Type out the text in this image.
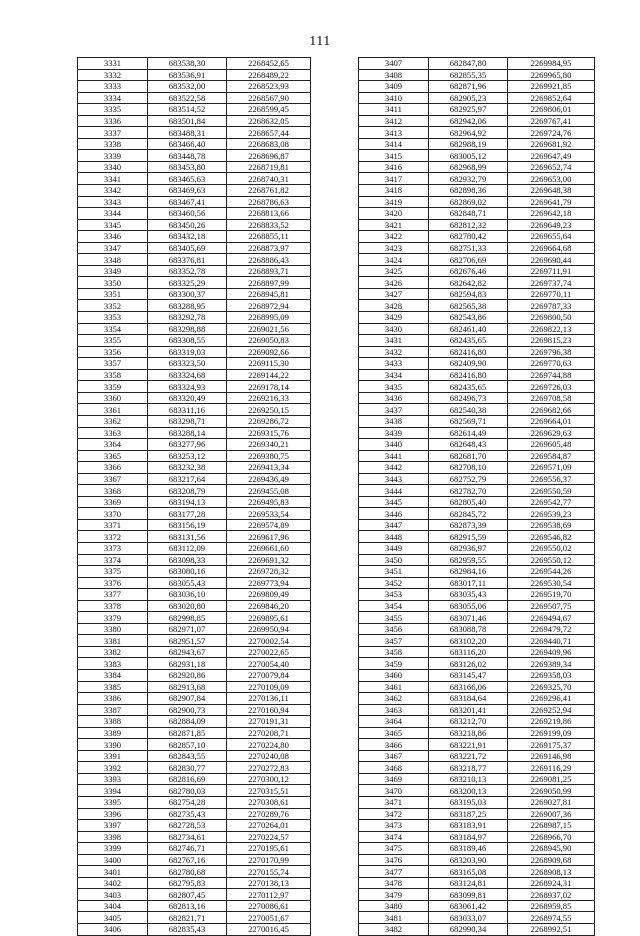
111
3331	683538,30	2268452,65
3332	683536,91	2268489,22
3333	683532,00	2268523,93
3334	683522,58	2268567,90
3335	683514,52	2268599,45
3336	683501,84	2268632,05
3337	683488,31	2268657,44
3338	683466,40	2268683,08
3339	683448,78	2268696,87
3340	683453,80	2268719,81
3341	683465,63	2268740,31
3342	683469,63	2268761,82
3343	683467,41	2268786,63
3344	683460,56	2268813,66
3345	683450,26	2268833,52
3346	683432,18	2268855,11
3347	683405,69	2268873,97
3348	683376,81	2268886,43
3349	683352,78	2268893,71
3350	683325,29	2268897,99
3351	683300,37	2268945,81
3352	683288,95	2268972,94
3353	683292,78	2268995,09
3354	683298,88	2269021,56
3355	683308,55	2269050,83
3356	683319,03	2269092,66
3357	683323,50	2269115,30
3358	683324,68	2269144,22
3359	683324,93	2269178,14
3360	683320,49	2269216,33
3361	683311,16	2269250,15
3362	683298,71	2269286,72
3363	683288,14	2269315,76
3364	683277,96	2269340,21
3365	683253,12	2269380,75
3366	683232,38	2269413,34
3367	683217,64	2269436,49
3368	683208,79	2269455,08
3369	683194,13	2269495,83
3370	683177,28	2269533,54
3371	683156,19	2269574,89
3372	683131,56	2269617,96
3373	683112,09	2269661,60
3374	683098,33	2269691,32
3375	683080,16	2269728,32
3376	683055,43	2269773,94
3377	683036,10	2269809,49
3378	683020,80	2269846,20
3379	682998,85	2269895,61
3380	682971,07	2269950,94
3381	682951,57	2270002,54
3382	682943,67	2270022,65
3383	682931,18	2270054,40
3384	682920,86	2270079,84
3385	682913,68	2270109,09
3386	682907,84	2270136,11
3387	682900,73	2270160,94
3388	682884,09	2270191,31
3389	682871,85	2270208,71
3390	682857,10	2270224,80
3391	682843,55	2270240,08
3392	682830,77	2270272,83
3393	682816,69	2270300,12
3394	682780,03	2270315,51
3395	682754,28	2270308,61
3396	682735,43	2270289,76
3397	682728,53	2270264,01
3398	682734,61	2270224,57
3399	682746,71	2270195,61
3400	682767,16	2270170,99
3401	682780,68	2270155,74
3402	682795,83	2270138,13
3403	682807,45	2270112,97
3404	682813,16	2270086,61
3405	682821,71	2270051,67
3406	682835,43	2270016,45
3407	682847,80	2269984,95
3408	682855,35	2269965,80
3409	682871,96	2269921,85
3410	682905,23	2269852,64
3411	682925,97	2269806,01
3412	682942,06	2269767,41
3413	682964,92	2269724,76
3414	682988,19	2269681,92
3415	683005,12	2269647,49
3416	682968,99	2269652,74
3417	682932,79	2269653,00
3418	682898,36	2269648,38
3419	682869,02	2269641,79
3420	682848,71	2269642,18
3421	682812,32	2269649,23
3422	682780,42	2269655,64
3423	682751,33	2269664,68
3424	682706,69	2269690,44
3425	682676,46	2269711,91
3426	682642,82	2269737,74
3427	682594,83	2269770,11
3428	682565,38	2269787,33
3429	682543,86	2269800,50
3430	682461,40	2269822,13
3431	682435,65	2269815,23
3432	682416,80	2269796,38
3433	682409,90	2269770,63
3434	682416,80	2269744,88
3435	682435,65	2269726,03
3436	682496,73	2269708,58
3437	682540,38	2269682,66
3438	682569,71	2269664,01
3439	682614,49	2269629,63
3440	682648,43	2269605,48
3441	682681,70	2269584,87
3442	682708,10	2269571,09
3443	682752,79	2269556,37
3444	682782,70	2269550,59
3445	682805,40	2269542,77
3446	682845,72	2269539,23
3447	682873,39	2269538,69
3448	682915,59	2269546,82
3449	682936,97	2269550,02
3450	682959,55	2269550,12
3451	682984,16	2269544,26
3452	683017,11	2269530,54
3453	683035,43	2269519,70
3454	683055,06	2269507,75
3455	683071,46	2269494,67
3456	683088,78	2269479,72
3457	683102,20	2269440,71
3458	683116,20	2269409,96
3459	683126,02	2269389,34
3460	683145,47	2269358,03
3461	683166,06	2269325,70
3462	683184,64	2269296,41
3463	683201,41	2269252,94
3464	683212,70	2269219,86
3465	683218,86	2269199,09
3466	683221,91	2269175,37
3467	683221,72	2269146,98
3468	683218,77	2269116,29
3469	683210,13	2269081,25
3470	683200,13	2269050,99
3471	683195,03	2269027,81
3472	683187,25	2269007,36
3473	683183,91	2268987,15
3474	683184,97	2268966,70
3475	683189,46	2268945,90
3476	683203,90	2268909,68
3477	683165,08	2268908,13
3478	683124,81	2268924,31
3479	683099,81	2268937,02
3480	683061,42	2268959,85
3481	683033,07	2268974,55
3482	682990,34	2268992,51
